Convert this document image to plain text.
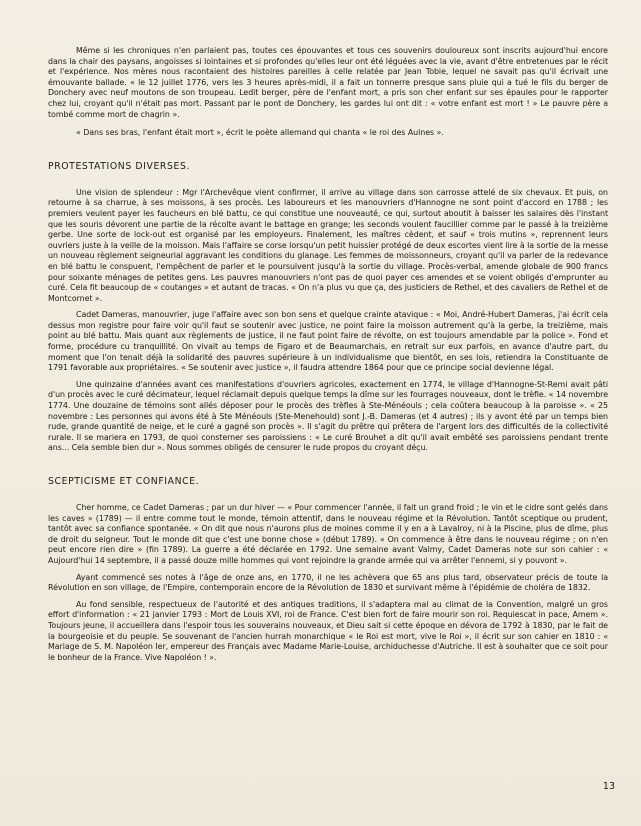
Même si les chroniques n'en parlaient pas, toutes ces épouvantes et tous ces souvenirs douloureux sont inscrits aujourd'hui encore dans la chair des paysans, angoisses si lointaines et si profondes qu'elles leur ont été léguées avec la vie, avant d'être entretenues par le récit et l'expérience. Nos mères nous racontaient des histoires pareilles à celle relatée par Jean Tobie, lequel ne savait pas qu'il écrivait une émouvante ballade. « le 12 juillet 1776, vers les 3 heures après-midi, il a fait un tonnerre presque sans pluie qui a tué le fils du berger de Donchery avec neuf moutons de son troupeau. Ledit berger, père de l'enfant mort, a pris son cher enfant sur ses épaules pour le rapporter chez lui, croyant qu'il n'était pas mort. Passant par le pont de Donchery, les gardes lui ont dit : « votre enfant est mort ! » Le pauvre père a tombé comme mort de chagrin ».

« Dans ses bras, l'enfant était mort », écrit le poète allemand qui chanta « le roi des Aulnes ».

PROTESTATIONS DIVERSES.

Une vision de splendeur : Mgr l'Archevêque vient confirmer, il arrive au village dans son carrosse attelé de six chevaux. Et puis, on retourne à sa charrue, à ses moissons, à ses procès. Les laboureurs et les manouvriers d'Hannogne ne sont point d'accord en 1788 ; les premiers veulent payer les faucheurs en blé battu, ce qui constitue une nouveauté, ce qui, surtout aboutit à baisser les salaires dès l'instant que les souris dévorent une partie de la récolte avant le battage en grange; les seconds voulent faucillier comme par le passé à la treizième gerbe. Une sorte de lock-out est organisé par les employeurs. Finalement, les maîtres cèdent, et sauf « trois mutins », reprennent leurs ouvriers juste à la veille de la moisson. Mais l'affaire se corse lorsqu'un petit huissier protégé de deux escortes vient lire à la sortie de la messe un nouveau règlement seigneurial aggravant les conditions du glanage. Les femmes de moissonneurs, croyant qu'il va parler de la redevance en blé battu le conspuent, l'empêchent de parler et le poursuivent jusqu'à la sortie du village. Procès-verbal, amende globale de 900 francs pour soixante ménages de petites gens. Les pauvres manouvriers n'ont pas de quoi payer ces amendes et se voient obligés d'emprunter au curé. Cela fit beaucoup de « coutanges » et autant de tracas. « On n'a plus vu que ça, des justiciers de Rethel, et des cavaliers de Rethel et de Montcornet ».

Cadet Dameras, manouvrier, juge l'affaire avec son bon sens et quelque crainte atavique : « Moi, André-Hubert Dameras, j'ai écrit cela dessus mon registre pour faire voir qu'il faut se soutenir avec justice, ne point faire la moisson autrement qu'à la gerbe, la treizième, mais point au blé battu. Mais quant aux règlements de justice, il ne faut point faire de révolte, on est toujours amendable par la police ». Fond et forme, procédure cu tranquillité. On vivait au temps de Figaro et de Beaumarchais, en retrait sur eux parfois, en avance d'autre part, du moment que l'on tenait déjà la solidarité des pauvres supérieure à un individualisme que bientôt, en ses lois, retiendra la Constituante de 1791 favorable aux propriétaires. « Se soutenir avec justice », il faudra attendre 1864 pour que ce principe social devienne légal.

Une quinzaine d'années avant ces manifestations d'ouvriers agricoles, exactement en 1774, le village d'Hannogne-St-Remi avait pâti d'un procès avec le curé décimateur, lequel réclamait depuis quelque temps la dîme sur les fourrages nouveaux, dont le trèfle. « 14 novembre 1774. Une douzaine de témoins sont allés déposer pour le procès des trèfles à Ste-Ménéouls ; cela coûtera beaucoup à la paroisse ». « 25 novembre : Les personnes qui avons été à Ste Ménéouls (Ste-Menehould) sont J.-B. Dameras (et 4 autres) ; ils y avont été par un temps bien rude, grande quantité de neige, et le curé a gagné son procès ». Il s'agit du prêtre qui prêtera de l'argent lors des difficultés de la collectivité rurale. Il se mariera en 1793, de quoi consterner ses paroissiens : « Le curé Brouhet a dit qu'il avait embêté ses paroissiens pendant trente ans... Cela semble bien dur ». Nous sommes obligés de censurer le rude propos du croyant déçu.

SCEPTICISME ET CONFIANCE.

Cher homme, ce Cadet Dameras ; par un dur hiver — « Pour commencer l'année, il fait un grand froid ; le vin et le cidre sont gelés dans les caves » (1789) — il entre comme tout le monde, témoin attentif, dans le nouveau régime et la Révolution. Tantôt sceptique ou prudent, tantôt avec sa confiance spontanée. « On dit que nous n'aurons plus de moines comme il y en a à Lavalroy, ni à la Piscine, plus de dîme, plus de droit du seigneur. Tout le monde dit que c'est une bonne chose » (début 1789). « On commence à être dans le nouveau régime ; on n'en peut encore rien dire » (fin 1789). La guerre a été déclarée en 1792. Une semaine avant Valmy, Cadet Dameras note sur son cahier : « Aujourd'hui 14 septembre, il a passé douze mille hommes qui vont rejoindre la grande armée qui va arrêter l'ennemi, si y pouvont ».

Ayant commencé ses notes à l'âge de onze ans, en 1770, il ne les achèvera que 65 ans plus tard, observateur précis de toute la Révolution en son village, de l'Empire, contemporain encore de la Révolution de 1830 et survivant même à l'épidémie de choléra de 1832.

Au fond sensible, respectueux de l'autorité et des antiques traditions, il s'adaptera mal au climat de la Convention, malgré un gros effort d'information : « 21 janvier 1793 : Mort de Louis XVI, roi de France. C'est bien fort de faire mourir son roi. Requiescat in pace, Amem ». Toujours jeune, il accueillera dans l'espoir tous les souverains nouveaux, et Dieu sait si cette époque en dévora de 1792 à 1830, par le fait de la bourgeoisie et du peuple. Se souvenant de l'ancien hurrah monarchique « le Roi est mort, vive le Roi », il écrit sur son cahier en 1810 : « Mariage de S. M. Napoléon Ier, empereur des Français avec Madame Marie-Louise, archiduchesse d'Autriche. Il est à souhaiter que ce soit pour le bonheur de la France. Vive Napoléon ! ».

13
